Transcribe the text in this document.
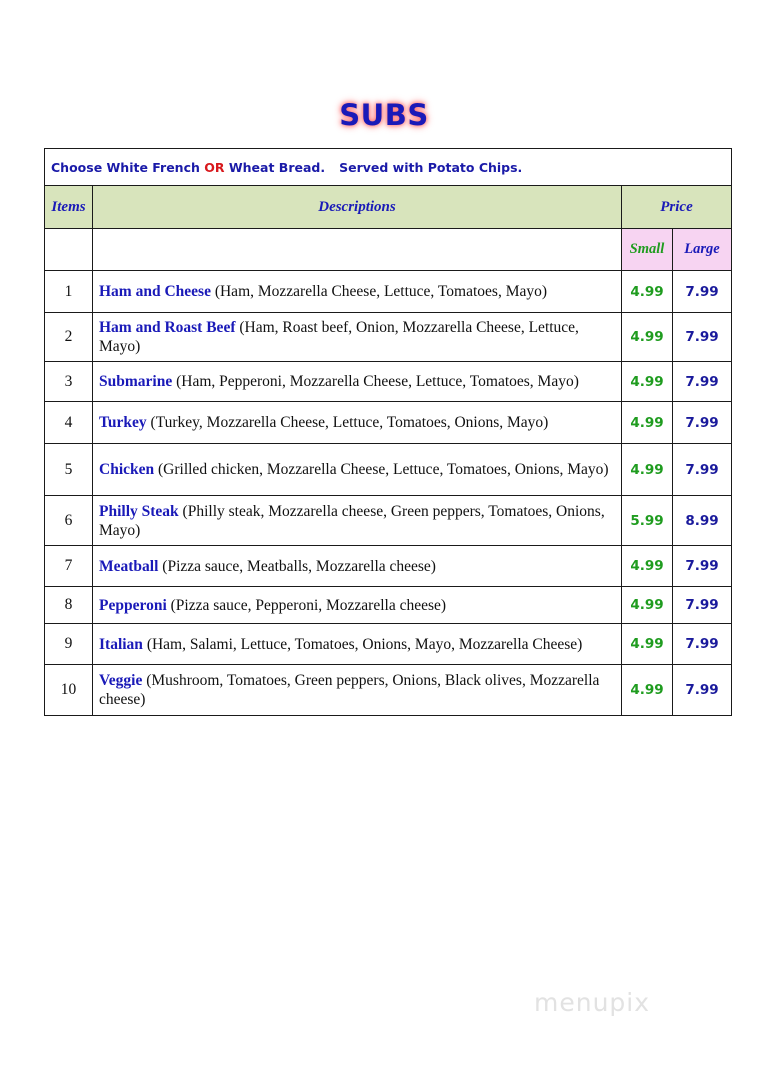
SUBS
Choose White French OR Wheat Bread. Served with Potato Chips.			
Items	Descriptions	Price	
		Small	Large
1	Ham and Cheese (Ham, Mozzarella Cheese, Lettuce, Tomatoes, Mayo)	4.99	7.99
2	Ham and Roast Beef (Ham, Roast beef, Onion, Mozzarella Cheese, Lettuce, Mayo)	4.99	7.99
3	Submarine (Ham, Pepperoni, Mozzarella Cheese, Lettuce, Tomatoes, Mayo)	4.99	7.99
4	Turkey (Turkey, Mozzarella Cheese, Lettuce, Tomatoes, Onions, Mayo)	4.99	7.99
5	Chicken (Grilled chicken, Mozzarella Cheese, Lettuce, Tomatoes, Onions, Mayo)	4.99	7.99
6	Philly Steak (Philly steak, Mozzarella cheese, Green peppers, Tomatoes, Onions, Mayo)	5.99	8.99
7	Meatball (Pizza sauce, Meatballs, Mozzarella cheese)	4.99	7.99
8	Pepperoni (Pizza sauce, Pepperoni, Mozzarella cheese)	4.99	7.99
9	Italian (Ham, Salami, Lettuce, Tomatoes, Onions, Mayo, Mozzarella Cheese)	4.99	7.99
10	Veggie (Mushroom, Tomatoes, Green peppers, Onions, Black olives, Mozzarella cheese)	4.99	7.99
menupix
